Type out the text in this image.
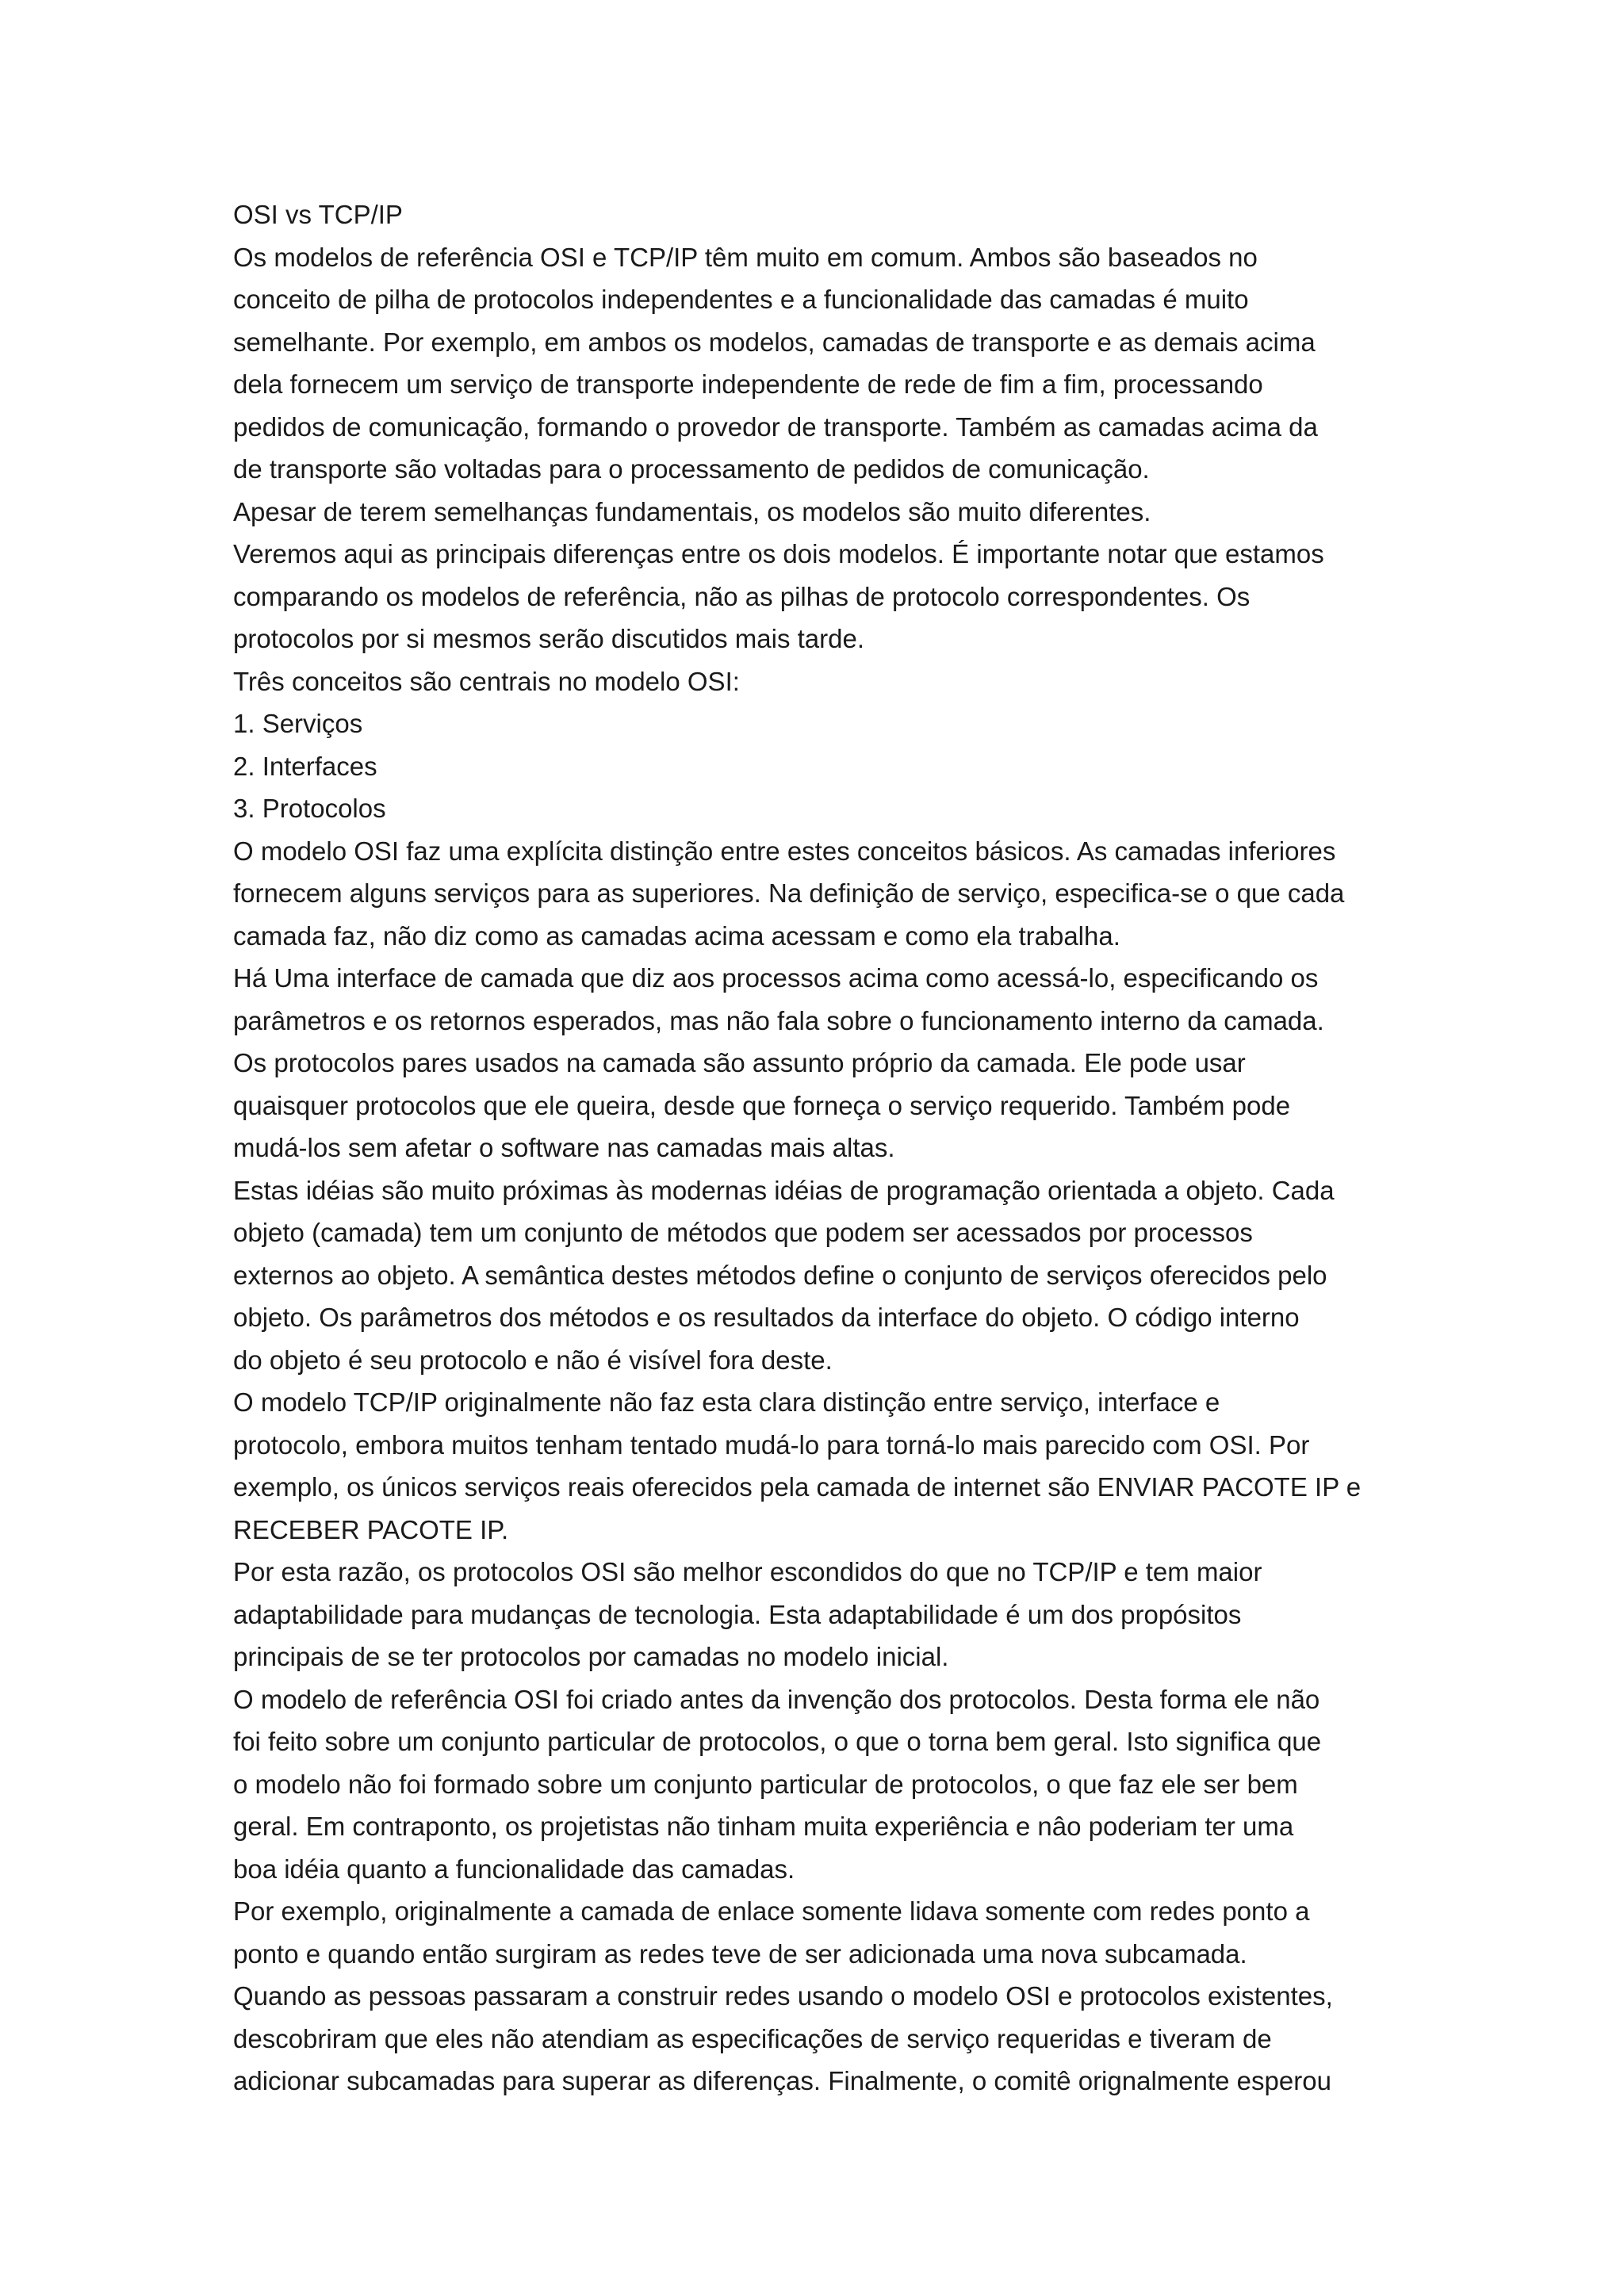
OSI vs TCP/IP
Os modelos de referência OSI e TCP/IP têm muito em comum. Ambos são baseados no
conceito de pilha de protocolos independentes e a funcionalidade das camadas é muito
semelhante. Por exemplo, em ambos os modelos, camadas de transporte e as demais acima
dela fornecem um serviço de transporte independente de rede de fim a fim, processando
pedidos de comunicação, formando o provedor de transporte. Também as camadas acima da
de transporte são voltadas para o processamento de pedidos de comunicação.
Apesar de terem semelhanças fundamentais, os modelos são muito diferentes.
Veremos aqui as principais diferenças entre os dois modelos. É importante notar que estamos
comparando os modelos de referência, não as pilhas de protocolo correspondentes. Os
protocolos por si mesmos serão discutidos mais tarde.
Três conceitos são centrais no modelo OSI:
1. Serviços
2. Interfaces
3. Protocolos
O modelo OSI faz uma explícita distinção entre estes conceitos básicos. As camadas inferiores
fornecem alguns serviços para as superiores. Na definição de serviço, especifica-se o que cada
camada faz, não diz como as camadas acima acessam e como ela trabalha.
Há Uma interface de camada que diz aos processos acima como acessá-lo, especificando os
parâmetros e os retornos esperados, mas não fala sobre o funcionamento interno da camada.
Os protocolos pares usados na camada são assunto próprio da camada. Ele pode usar
quaisquer protocolos que ele queira, desde que forneça o serviço requerido. Também pode
mudá-los sem afetar o software nas camadas mais altas.
Estas idéias são muito próximas às modernas idéias de programação orientada a objeto. Cada
objeto (camada) tem um conjunto de métodos que podem ser acessados por processos
externos ao objeto. A semântica destes métodos define o conjunto de serviços oferecidos pelo
objeto. Os parâmetros dos métodos e os resultados da interface do objeto. O código interno
do objeto é seu protocolo e não é visível fora deste.
O modelo TCP/IP originalmente não faz esta clara distinção entre serviço, interface e
protocolo, embora muitos tenham tentado mudá-lo para torná-lo mais parecido com OSI. Por
exemplo, os únicos serviços reais oferecidos pela camada de internet são ENVIAR PACOTE IP e
RECEBER PACOTE IP.
Por esta razão, os protocolos OSI são melhor escondidos do que no TCP/IP e tem maior
adaptabilidade para mudanças de tecnologia. Esta adaptabilidade é um dos propósitos
principais de se ter protocolos por camadas no modelo inicial.
O modelo de referência OSI foi criado antes da invenção dos protocolos. Desta forma ele não
foi feito sobre um conjunto particular de protocolos, o que o torna bem geral. Isto significa que
o modelo não foi formado sobre um conjunto particular de protocolos, o que faz ele ser bem
geral. Em contraponto, os projetistas não tinham muita experiência e nâo poderiam ter uma
boa idéia quanto a funcionalidade das camadas.
Por exemplo, originalmente a camada de enlace somente lidava somente com redes ponto a
ponto e quando então surgiram as redes teve de ser adicionada uma nova subcamada.
Quando as pessoas passaram a construir redes usando o modelo OSI e protocolos existentes,
descobriram que eles não atendiam as especificações de serviço requeridas e tiveram de
adicionar subcamadas para superar as diferenças. Finalmente, o comitê orignalmente esperou
